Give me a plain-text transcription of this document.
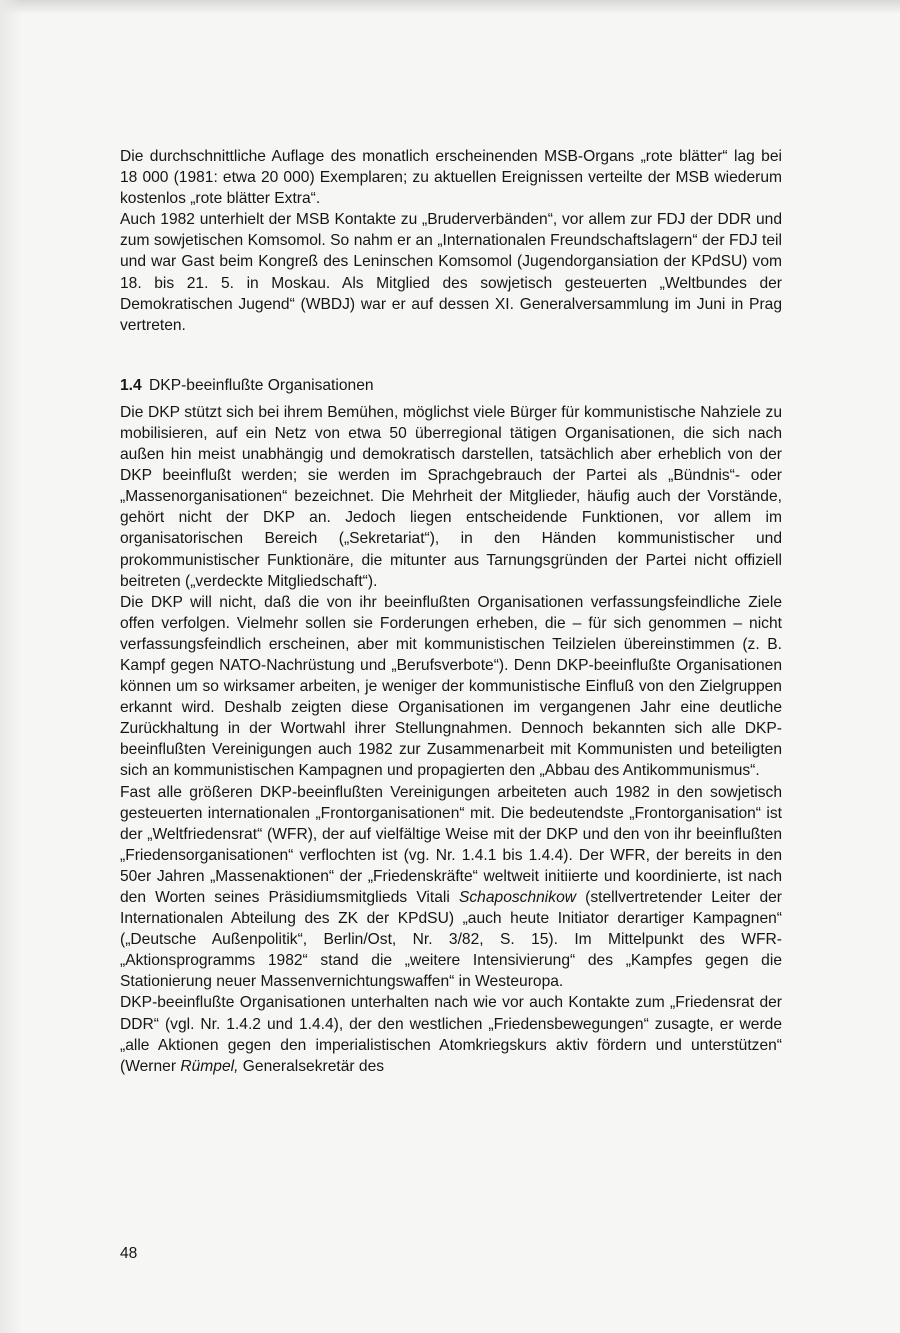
Die durchschnittliche Auflage des monatlich erscheinenden MSB-Organs „rote blätter“ lag bei 18 000 (1981: etwa 20 000) Exemplaren; zu aktuellen Ereignissen verteilte der MSB wiederum kostenlos „rote blätter Extra“.

Auch 1982 unterhielt der MSB Kontakte zu „Bruderverbänden“, vor allem zur FDJ der DDR und zum sowjetischen Komsomol. So nahm er an „Internationalen Freundschaftslagern“ der FDJ teil und war Gast beim Kongreß des Leninschen Komsomol (Jugendorgansiation der KPdSU) vom 18. bis 21. 5. in Moskau. Als Mitglied des sowjetisch gesteuerten „Weltbundes der Demokratischen Jugend“ (WBDJ) war er auf dessen XI. Generalversammlung im Juni in Prag vertreten.

1.4 DKP-beeinflußte Organisationen

Die DKP stützt sich bei ihrem Bemühen, möglichst viele Bürger für kommunistische Nahziele zu mobilisieren, auf ein Netz von etwa 50 überregional tätigen Organisationen, die sich nach außen hin meist unabhängig und demokratisch darstellen, tatsächlich aber erheblich von der DKP beeinflußt werden; sie werden im Sprachgebrauch der Partei als „Bündnis“- oder „Massenorganisationen“ bezeichnet. Die Mehrheit der Mitglieder, häufig auch der Vorstände, gehört nicht der DKP an. Jedoch liegen entscheidende Funktionen, vor allem im organisatorischen Bereich („Sekretariat“), in den Händen kommunistischer und prokommunistischer Funktionäre, die mitunter aus Tarnungsgründen der Partei nicht offiziell beitreten („verdeckte Mitgliedschaft“).

Die DKP will nicht, daß die von ihr beeinflußten Organisationen verfassungsfeindliche Ziele offen verfolgen. Vielmehr sollen sie Forderungen erheben, die – für sich genommen – nicht verfassungsfeindlich erscheinen, aber mit kommunistischen Teilzielen übereinstimmen (z. B. Kampf gegen NATO-Nachrüstung und „Berufsverbote“). Denn DKP-beeinflußte Organisationen können um so wirksamer arbeiten, je weniger der kommunistische Einfluß von den Zielgruppen erkannt wird. Deshalb zeigten diese Organisationen im vergangenen Jahr eine deutliche Zurückhaltung in der Wortwahl ihrer Stellungnahmen. Dennoch bekannten sich alle DKP-beeinflußten Vereinigungen auch 1982 zur Zusammenarbeit mit Kommunisten und beteiligten sich an kommunistischen Kampagnen und propagierten den „Abbau des Antikommunismus“.

Fast alle größeren DKP-beeinflußten Vereinigungen arbeiteten auch 1982 in den sowjetisch gesteuerten internationalen „Frontorganisationen“ mit. Die bedeutendste „Frontorganisation“ ist der „Weltfriedensrat“ (WFR), der auf vielfältige Weise mit der DKP und den von ihr beeinflußten „Friedensorganisationen“ verflochten ist (vg. Nr. 1.4.1 bis 1.4.4). Der WFR, der bereits in den 50er Jahren „Massenaktionen“ der „Friedenskräfte“ weltweit initiierte und koordinierte, ist nach den Worten seines Präsidiumsmitglieds Vitali Schaposchnikow (stellvertretender Leiter der Internationalen Abteilung des ZK der KPdSU) „auch heute Initiator derartiger Kampagnen“ („Deutsche Außenpolitik“, Berlin/Ost, Nr. 3/82, S. 15). Im Mittelpunkt des WFR-„Aktionsprogramms 1982“ stand die „weitere Intensivierung“ des „Kampfes gegen die Stationierung neuer Massenvernichtungswaffen“ in Westeuropa.

DKP-beeinflußte Organisationen unterhalten nach wie vor auch Kontakte zum „Friedensrat der DDR“ (vgl. Nr. 1.4.2 und 1.4.4), der den westlichen „Friedensbewegungen“ zusagte, er werde „alle Aktionen gegen den imperialistischen Atomkriegskurs aktiv fördern und unterstützen“ (Werner Rümpel, Generalsekretär des

48
